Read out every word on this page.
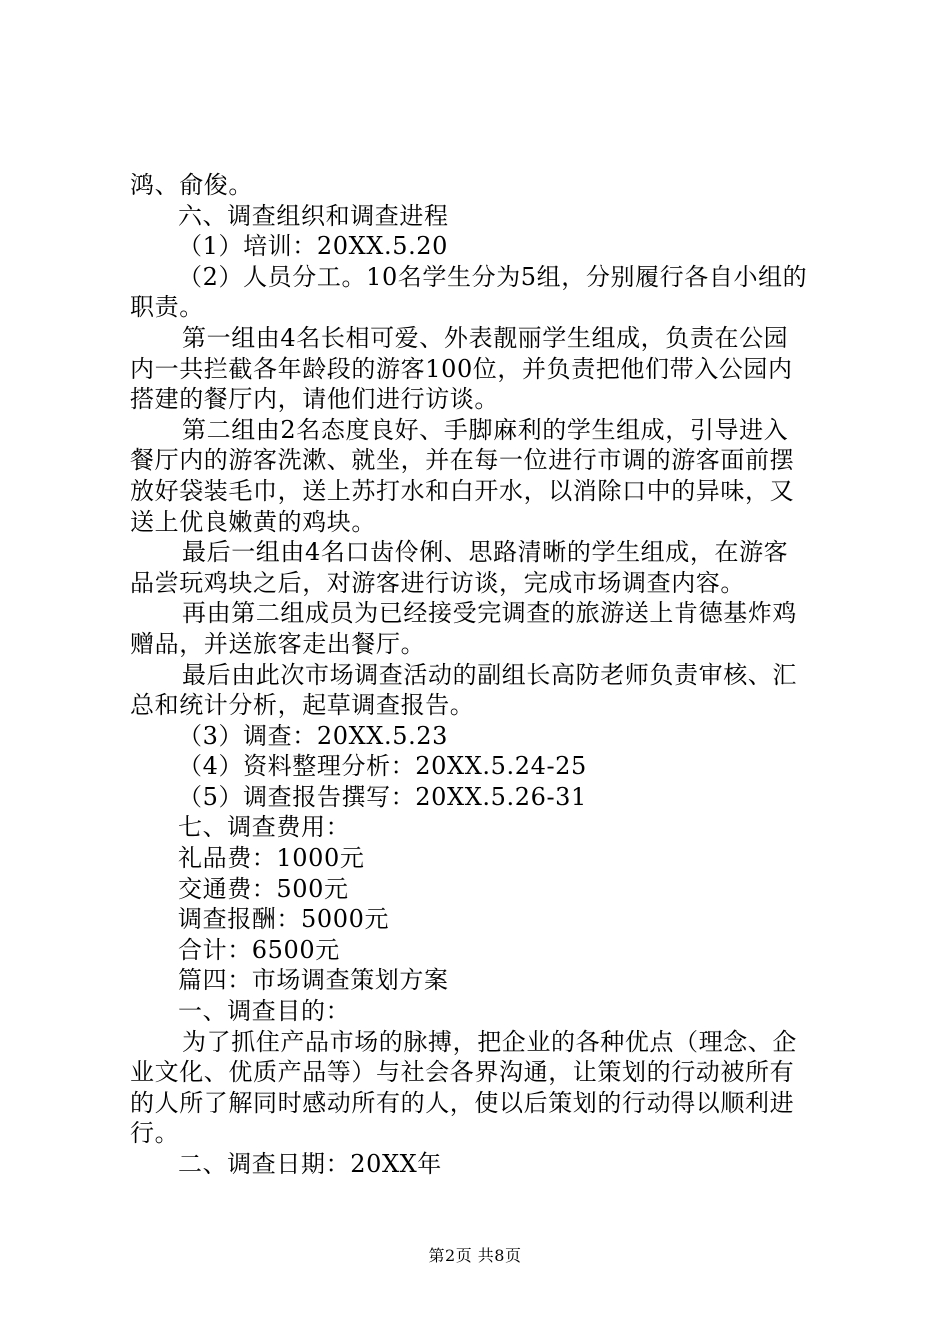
鸿、俞俊。
六、调查组织和调查进程
（1）培训：20XX.5.20
（2）人员分工。10名学生分为5组，分别履行各自小组的
职责。
第一组由4名长相可爱、外表靓丽学生组成，负责在公园
内一共拦截各年龄段的游客100位，并负责把他们带入公园内
搭建的餐厅内，请他们进行访谈。
第二组由2名态度良好、手脚麻利的学生组成，引导进入
餐厅内的游客洗漱、就坐，并在每一位进行市调的游客面前摆
放好袋装毛巾，送上苏打水和白开水，以消除口中的异味，又
送上优良嫩黄的鸡块。
最后一组由4名口齿伶俐、思路清晰的学生组成，在游客
品尝玩鸡块之后，对游客进行访谈，完成市场调查内容。
再由第二组成员为已经接受完调查的旅游送上肯德基炸鸡
赠品，并送旅客走出餐厅。
最后由此次市场调查活动的副组长高防老师负责审核、汇
总和统计分析，起草调查报告。
（3）调查：20XX.5.23
（4）资料整理分析：20XX.5.24-25
（5）调查报告撰写：20XX.5.26-31
七、调查费用：
礼品费：1000元
交通费：500元
调查报酬：5000元
合计：6500元
篇四：市场调查策划方案
一、调查目的：
为了抓住产品市场的脉搏，把企业的各种优点（理念、企
业文化、优质产品等）与社会各界沟通，让策划的行动被所有
的人所了解同时感动所有的人，使以后策划的行动得以顺利进
行。
二、调查日期：20XX年
第2页 共8页
